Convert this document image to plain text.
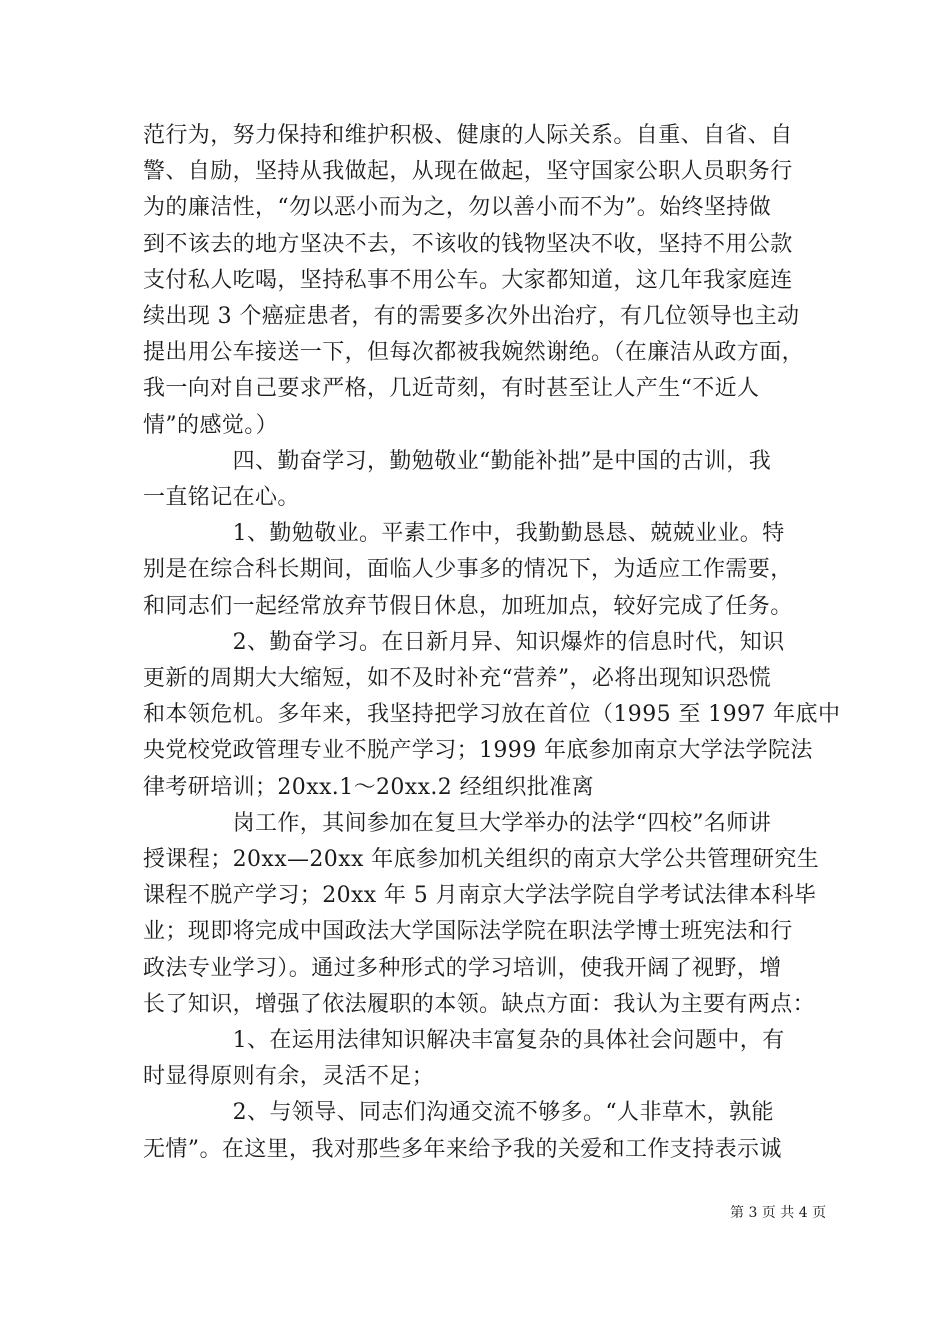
范行为，努力保持和维护积极、健康的人际关系。自重、自省、自
警、自励，坚持从我做起，从现在做起，坚守国家公职人员职务行
为的廉洁性，“勿以恶小而为之，勿以善小而不为”。始终坚持做
到不该去的地方坚决不去，不该收的钱物坚决不收，坚持不用公款
支付私人吃喝，坚持私事不用公车。大家都知道，这几年我家庭连
续出现 3 个癌症患者，有的需要多次外出治疗，有几位领导也主动
提出用公车接送一下，但每次都被我婉然谢绝。（在廉洁从政方面，
我一向对自己要求严格，几近苛刻，有时甚至让人产生“不近人
情”的感觉。）
　　　　四、勤奋学习，勤勉敬业“勤能补拙”是中国的古训，我
一直铭记在心。
　　　　1、勤勉敬业。平素工作中，我勤勤恳恳、兢兢业业。特
别是在综合科长期间，面临人少事多的情况下，为适应工作需要，
和同志们一起经常放弃节假日休息，加班加点，较好完成了任务。
　　　　2、勤奋学习。在日新月异、知识爆炸的信息时代，知识
更新的周期大大缩短，如不及时补充“营养”，必将出现知识恐慌
和本领危机。多年来，我坚持把学习放在首位（1995 至 1997 年底中
央党校党政管理专业不脱产学习；1999 年底参加南京大学法学院法
律考研培训；20xx.1～20xx.2 经组织批准离
　　　　岗工作，其间参加在复旦大学举办的法学“四校”名师讲
授课程；20xx—20xx 年底参加机关组织的南京大学公共管理研究生
课程不脱产学习；20xx 年 5 月南京大学法学院自学考试法律本科毕
业；现即将完成中国政法大学国际法学院在职法学博士班宪法和行
政法专业学习）。通过多种形式的学习培训，使我开阔了视野，增
长了知识，增强了依法履职的本领。缺点方面：我认为主要有两点：
　　　　1、在运用法律知识解决丰富复杂的具体社会问题中，有
时显得原则有余，灵活不足；
　　　　2、与领导、同志们沟通交流不够多。“人非草木，孰能
无情”。在这里，我对那些多年来给予我的关爱和工作支持表示诚

第 3 页 共 4 页
